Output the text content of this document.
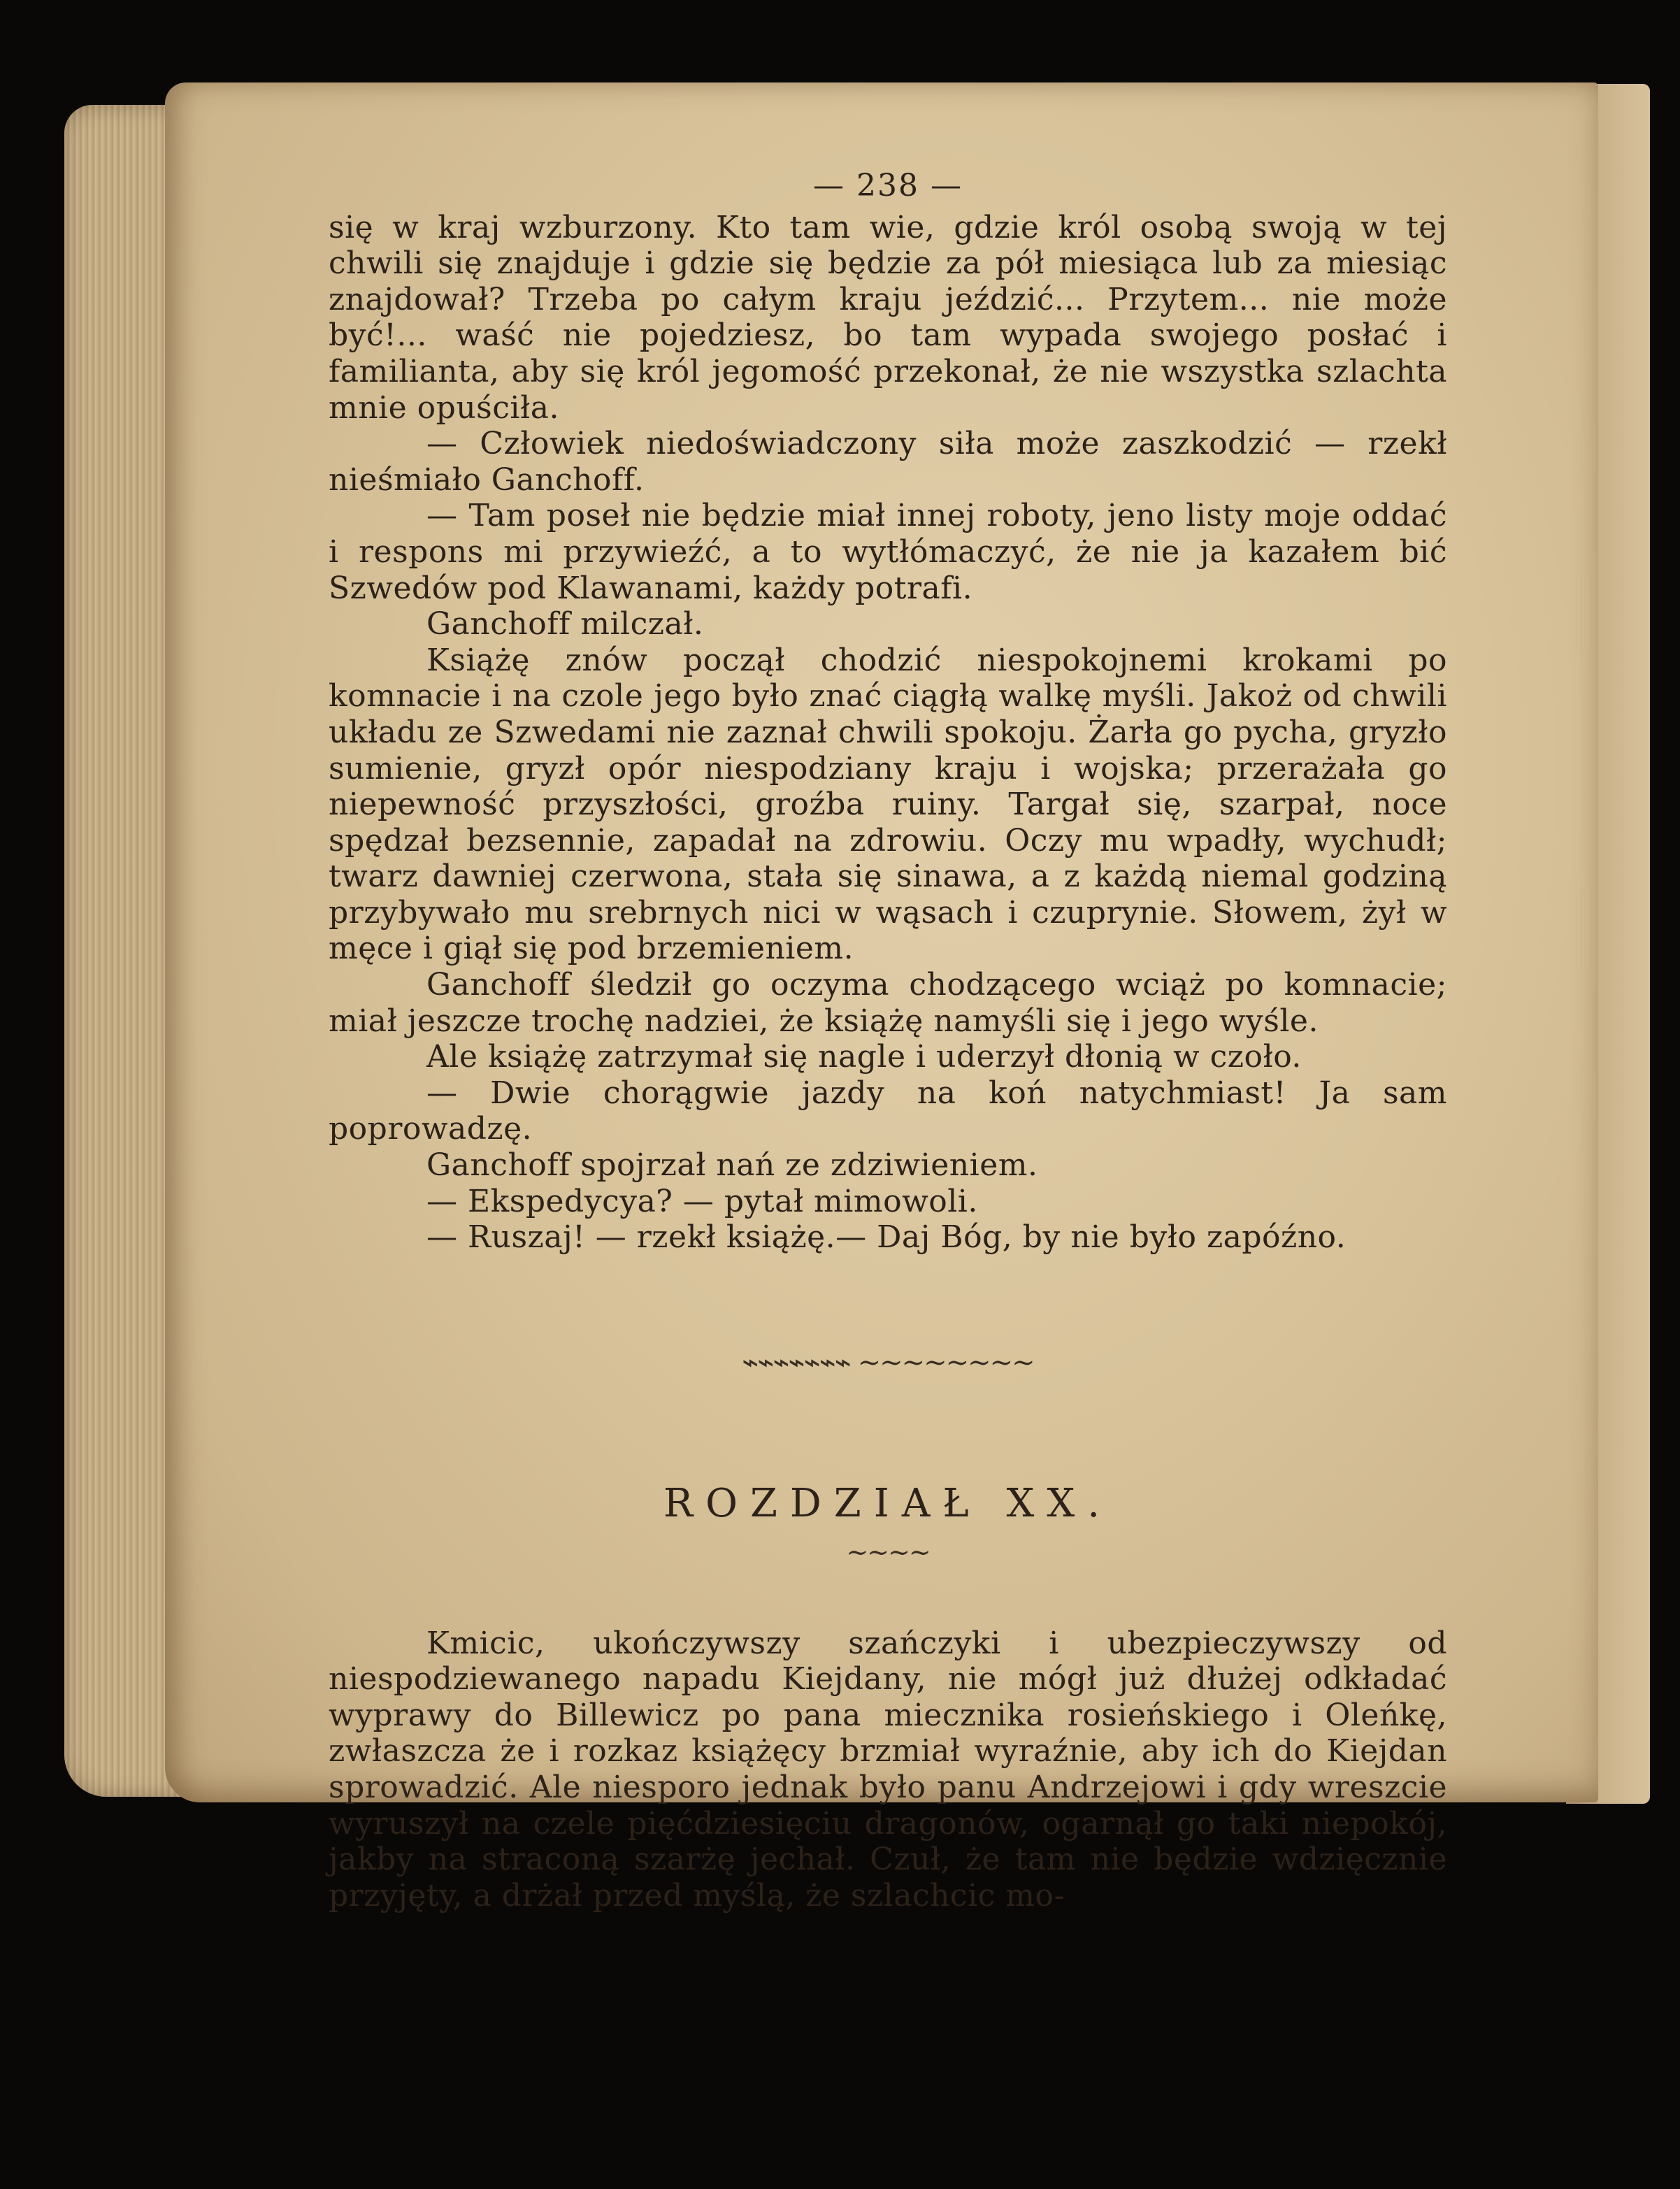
— 238 —

się w kraj wzburzony. Kto tam wie, gdzie król osobą swoją w tej chwili się znajduje i gdzie się będzie za pół miesiąca lub za miesiąc znajdował? Trzeba po całym kraju jeździć... Przytem... nie może być!... waść nie pojedziesz, bo tam wypada swojego posłać i familianta, aby się król jegomość przekonał, że nie wszystka szlachta mnie opuściła.

— Człowiek niedoświadczony siła może zaszkodzić — rzekł nieśmiało Ganchoff.

— Tam poseł nie będzie miał innej roboty, jeno listy moje oddać i respons mi przywieźć, a to wytłómaczyć, że nie ja kazałem bić Szwedów pod Klawanami, każdy potrafi.

Ganchoff milczał.

Książę znów począł chodzić niespokojnemi krokami po komnacie i na czole jego było znać ciągłą walkę myśli. Jakoż od chwili układu ze Szwedami nie zaznał chwili spokoju. Żarła go pycha, gryzło sumienie, gryzł opór niespodziany kraju i wojska; przerażała go niepewność przyszłości, groźba ruiny. Targał się, szarpał, noce spędzał bezsennie, zapadał na zdrowiu. Oczy mu wpadły, wychudł; twarz dawniej czerwona, stała się sinawa, a z każdą niemal godziną przybywało mu srebrnych nici w wąsach i czuprynie. Słowem, żył w męce i giął się pod brzemieniem.

Ganchoff śledził go oczyma chodzącego wciąż po komnacie; miał jeszcze trochę nadziei, że książę namyśli się i jego wyśle.

Ale książę zatrzymał się nagle i uderzył dłonią w czoło.

— Dwie chorągwie jazdy na koń natychmiast! Ja sam poprowadzę.

Ganchoff spojrzał nań ze zdziwieniem.

— Ekspedycya? — pytał mimowoli.

— Ruszaj! — rzekł książę.— Daj Bóg, by nie było zapóźno.

⌁⌁⌁⌁⌁⌁⌁ ∼∼∼∼∼∼∼∼
ROZDZIAŁ XX.
∼∼∼∼

Kmicic, ukończywszy szańczyki i ubezpieczywszy od niespodziewanego napadu Kiejdany, nie mógł już dłużej odkładać wyprawy do Billewicz po pana miecznika rosieńskiego i Oleńkę, zwłaszcza że i rozkaz książęcy brzmiał wyraźnie, aby ich do Kiejdan sprowadzić. Ale niesporo jednak było panu Andrzejowi i gdy wreszcie wyruszył na czele pięćdziesięciu dragonów, ogarnął go taki niepokój, jakby na straconą szarżę jechał. Czuł, że tam nie będzie wdzięcznie przyjęty, a drżał przed myślą, że szlachcic mo-
